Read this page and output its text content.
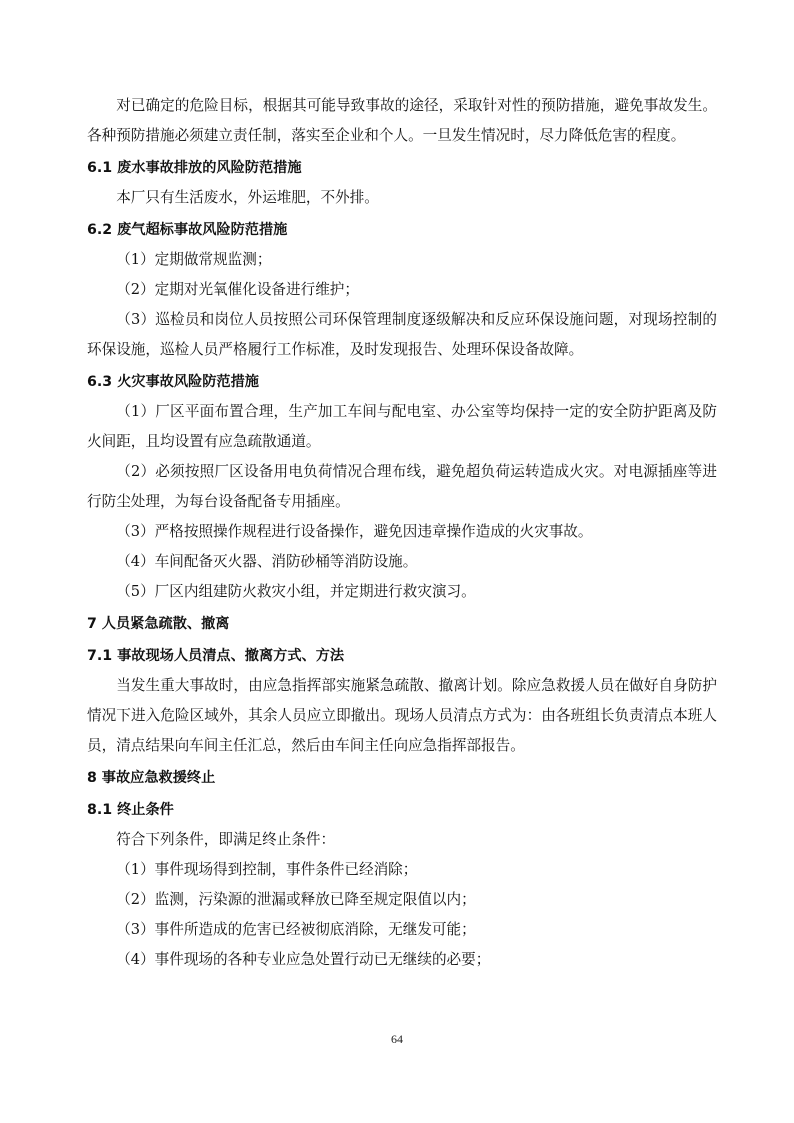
对已确定的危险目标，根据其可能导致事故的途径，采取针对性的预防措施，避免事故发生。各种预防措施必须建立责任制，落实至企业和个人。一旦发生情况时，尽力降低危害的程度。

6.1 废水事故排放的风险防范措施

本厂只有生活废水，外运堆肥，不外排。

6.2 废气超标事故风险防范措施

（1）定期做常规监测；

（2）定期对光氧催化设备进行维护；

（3）巡检员和岗位人员按照公司环保管理制度逐级解决和反应环保设施问题，对现场控制的环保设施，巡检人员严格履行工作标准，及时发现报告、处理环保设备故障。

6.3 火灾事故风险防范措施

（1）厂区平面布置合理，生产加工车间与配电室、办公室等均保持一定的安全防护距离及防火间距，且均设置有应急疏散通道。

（2）必须按照厂区设备用电负荷情况合理布线，避免超负荷运转造成火灾。对电源插座等进行防尘处理，为每台设备配备专用插座。

（3）严格按照操作规程进行设备操作，避免因违章操作造成的火灾事故。

（4）车间配备灭火器、消防砂桶等消防设施。

（5）厂区内组建防火救灾小组，并定期进行救灾演习。

7 人员紧急疏散、撤离
7.1 事故现场人员清点、撤离方式、方法

当发生重大事故时，由应急指挥部实施紧急疏散、撤离计划。除应急救援人员在做好自身防护情况下进入危险区域外，其余人员应立即撤出。现场人员清点方式为：由各班组长负责清点本班人员，清点结果向车间主任汇总，然后由车间主任向应急指挥部报告。

8 事故应急救援终止
8.1 终止条件

符合下列条件，即满足终止条件：

（1）事件现场得到控制，事件条件已经消除；

（2）监测，污染源的泄漏或释放已降至规定限值以内；

（3）事件所造成的危害已经被彻底消除，无继发可能；

（4）事件现场的各种专业应急处置行动已无继续的必要；

64
